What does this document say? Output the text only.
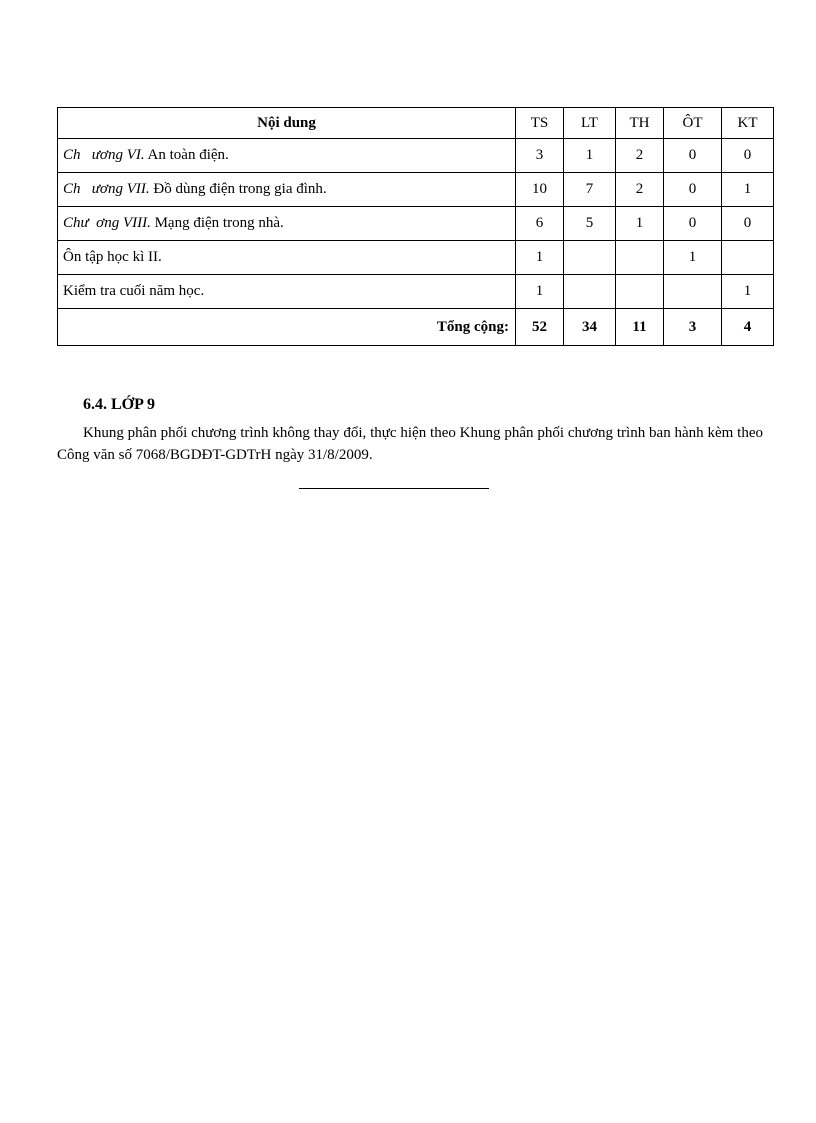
Nội dung	TS	LT	TH	ÔT	KT
Ch   ương VI. An toàn điện.	3	1	2	0	0
Ch   ương VII. Đồ dùng điện trong gia đình.	10	7	2	0	1
Chư  ơng VIII. Mạng điện trong nhà.	6	5	1	0	0
Ôn tập học kì II.	1			1	
Kiểm tra cuối năm học.	1				1
Tổng cộng:	52	34	11	3	4
6.4. LỚP 9

Khung phân phối chương trình không thay đổi, thực hiện theo Khung phân phối chương trình ban hành kèm theo Công văn số 7068/BGDĐT-GDTrH ngày 31/8/2009.
